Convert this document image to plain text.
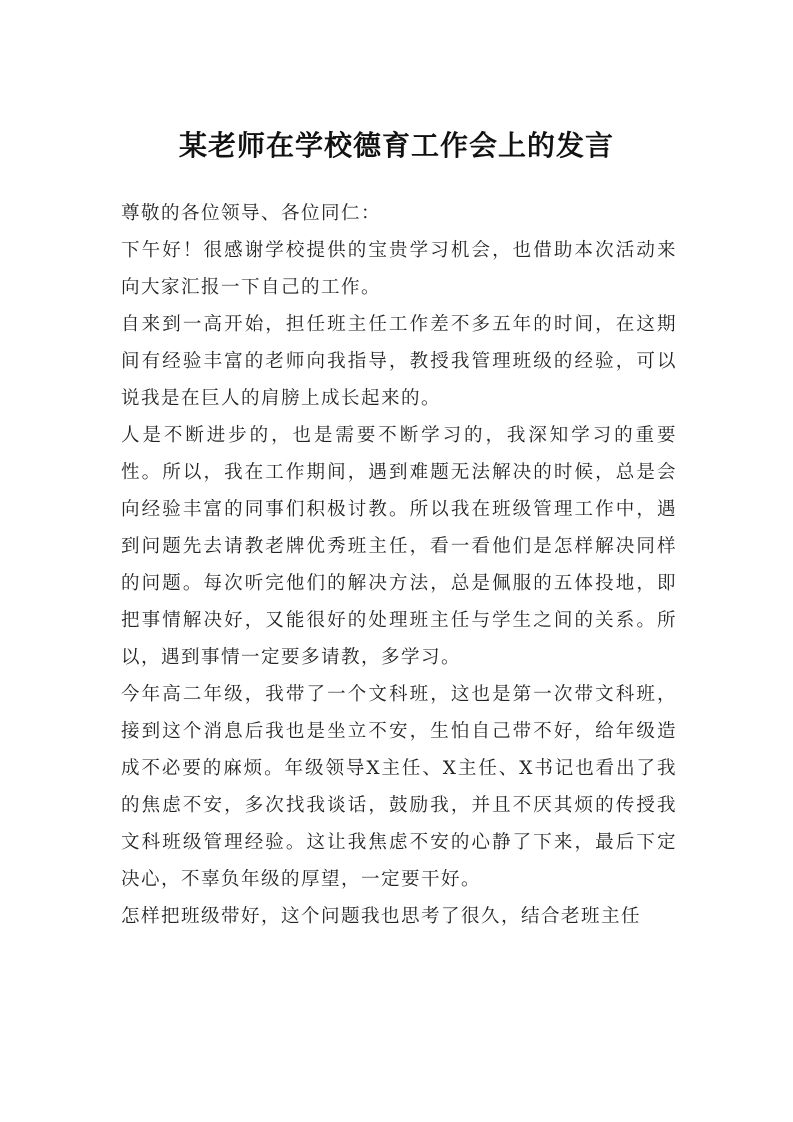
某老师在学校德育工作会上的发言

尊敬的各位领导、各位同仁：

下午好！很感谢学校提供的宝贵学习机会，也借助本次活动来向大家汇报一下自己的工作。

自来到一高开始，担任班主任工作差不多五年的时间，在这期间有经验丰富的老师向我指导，教授我管理班级的经验，可以说我是在巨人的肩膀上成长起来的。

人是不断进步的，也是需要不断学习的，我深知学习的重要性。所以，我在工作期间，遇到难题无法解决的时候，总是会向经验丰富的同事们积极讨教。所以我在班级管理工作中，遇到问题先去请教老牌优秀班主任，看一看他们是怎样解决同样的问题。每次听完他们的解决方法，总是佩服的五体投地，即把事情解决好，又能很好的处理班主任与学生之间的关系。所以，遇到事情一定要多请教，多学习。

今年高二年级，我带了一个文科班，这也是第一次带文科班，接到这个消息后我也是坐立不安，生怕自己带不好，给年级造成不必要的麻烦。年级领导X主任、X主任、X书记也看出了我的焦虑不安，多次找我谈话，鼓励我，并且不厌其烦的传授我文科班级管理经验。这让我焦虑不安的心静了下来，最后下定决心，不辜负年级的厚望，一定要干好。

怎样把班级带好，这个问题我也思考了很久，结合老班主任
